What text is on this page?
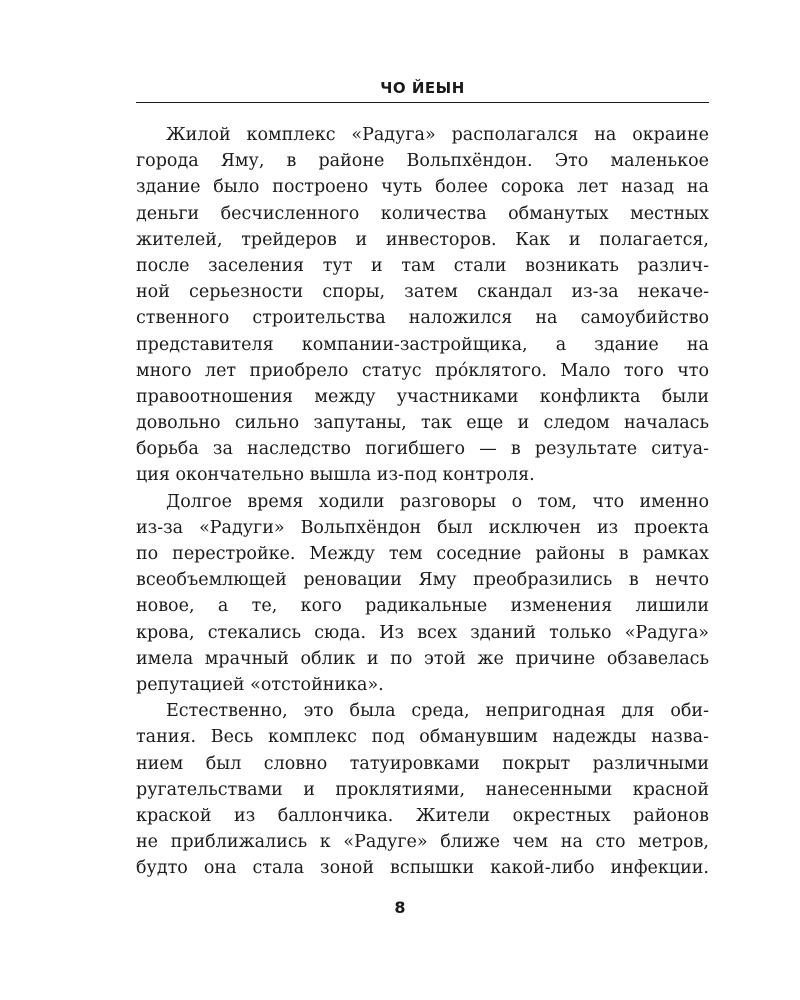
ЧО ЙЕЫН
Жилой комплекс «Радуга» располагался на окраине
города Яму, в районе Вольпхёндон. Это маленькое
здание было построено чуть более сорока лет назад на
деньги бесчисленного количества обманутых местных
жителей, трейдеров и инвесторов. Как и полагается,
после заселения тут и там стали возникать различ-
ной серьезности споры, затем скандал из-за некаче-
ственного строительства наложился на самоубийство
представителя компании-застройщика, а здание на
много лет приобрело статус прóклятого. Мало того что
правоотношения между участниками конфликта были
довольно сильно запутаны, так еще и следом началась
борьба за наследство погибшего — в результате ситуа-
ция окончательно вышла из-под контроля.
Долгое время ходили разговоры о том, что именно
из-за «Радуги» Вольпхёндон был исключен из проекта
по перестройке. Между тем соседние районы в рамках
всеобъемлющей реновации Яму преобразились в нечто
новое, а те, кого радикальные изменения лишили
крова, стекались сюда. Из всех зданий только «Радуга»
имела мрачный облик и по этой же причине обзавелась
репутацией «отстойника».
Естественно, это была среда, непригодная для оби-
тания. Весь комплекс под обманувшим надежды назва-
нием был словно татуировками покрыт различными
ругательствами и проклятиями, нанесенными красной
краской из баллончика. Жители окрестных районов
не приближались к «Радуге» ближе чем на сто метров,
будто она стала зоной вспышки какой-либо инфекции.
8
